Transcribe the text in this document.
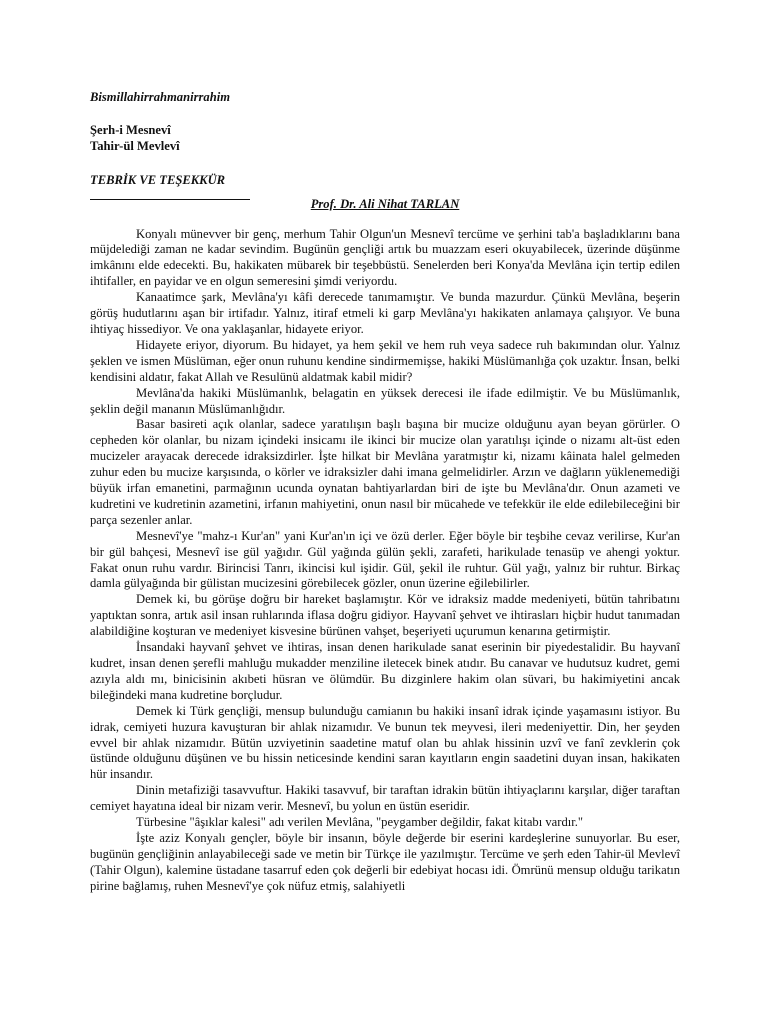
Bismillahirrahmanirrahim
Şerh-i Mesnevî
Tahir-ül Mevlevî
TEBRİK VE TEŞEKKÜR
Prof. Dr. Ali Nihat TARLAN

Konyalı münevver bir genç, merhum Tahir Olgun'un Mesnevî tercüme ve şerhini tab'a başladıklarını bana müjdelediği zaman ne kadar sevindim. Bugünün gençliği artık bu muazzam eseri okuyabilecek, üzerinde düşünme imkânını elde edecekti. Bu, hakikaten mübarek bir teşebbüstü. Senelerden beri Konya'da Mevlâna için tertip edilen ihtifaller, en payidar ve en olgun semeresini şimdi veriyordu.

Kanaatimce şark, Mevlâna'yı kâfi derecede tanımamıştır. Ve bunda mazurdur. Çünkü Mevlâna, beşerin görüş hudutlarını aşan bir irtifadır. Yalnız, itiraf etmeli ki garp Mevlâna'yı hakikaten anlamaya çalışıyor. Ve buna ihtiyaç hissediyor. Ve ona yaklaşanlar, hidayete eriyor.

Hidayete eriyor, diyorum. Bu hidayet, ya hem şekil ve hem ruh veya sadece ruh bakımından olur. Yalnız şeklen ve ismen Müslüman, eğer onun ruhunu kendine sindirmemişse, hakiki Müslümanlığa çok uzaktır. İnsan, belki kendisini aldatır, fakat Allah ve Resulünü aldatmak kabil midir?

Mevlâna'da hakiki Müslümanlık, belagatin en yüksek derecesi ile ifade edilmiştir. Ve bu Müslümanlık, şeklin değil mananın Müslümanlığıdır.

Basar basireti açık olanlar, sadece yaratılışın başlı başına bir mucize olduğunu ayan beyan görürler. O cepheden kör olanlar, bu nizam içindeki insicamı ile ikinci bir mucize olan yaratılışı içinde o nizamı alt-üst eden mucizeler arayacak derecede idraksizdirler. İşte hilkat bir Mevlâna yaratmıştır ki, nizamı kâinata halel gelmeden zuhur eden bu mucize karşısında, o körler ve idraksizler dahi imana gelmelidirler. Arzın ve dağların yüklenemediği büyük irfan emanetini, parmağının ucunda oynatan bahtiyarlardan biri de işte bu Mevlâna'dır. Onun azameti ve kudretini ve kudretinin azametini, irfanın mahiyetini, onun nasıl bir mücahede ve tefekkür ile elde edilebileceğini bir parça sezenler anlar.

Mesnevî'ye "mahz-ı Kur'an" yani Kur'an'ın içi ve özü derler. Eğer böyle bir teşbihe cevaz verilirse, Kur'an bir gül bahçesi, Mesnevî ise gül yağıdır. Gül yağında gülün şekli, zarafeti, harikulade tenasüp ve ahengi yoktur. Fakat onun ruhu vardır. Birincisi Tanrı, ikincisi kul işidir. Gül, şekil ile ruhtur. Gül yağı, yalnız bir ruhtur. Birkaç damla gülyağında bir gülistan mucizesini görebilecek gözler, onun üzerine eğilebilirler.

Demek ki, bu görüşe doğru bir hareket başlamıştır. Kör ve idraksiz madde medeniyeti, bütün tahribatını yaptıktan sonra, artık asil insan ruhlarında iflasa doğru gidiyor. Hayvanî şehvet ve ihtirasları hiçbir hudut tanımadan alabildiğine koşturan ve medeniyet kisvesine bürünen vahşet, beşeriyeti uçurumun kenarına getirmiştir.

İnsandaki hayvanî şehvet ve ihtiras, insan denen harikulade sanat eserinin bir piyedestalidir. Bu hayvanî kudret, insan denen şerefli mahluğu mukadder menziline iletecek binek atıdır. Bu canavar ve hudutsuz kudret, gemi azıyla aldı mı, binicisinin akıbeti hüsran ve ölümdür. Bu dizginlere hakim olan süvari, bu hakimiyetini ancak bileğindeki mana kudretine borçludur.

Demek ki Türk gençliği, mensup bulunduğu camianın bu hakiki insanî idrak içinde yaşamasını istiyor. Bu idrak, cemiyeti huzura kavuşturan bir ahlak nizamıdır. Ve bunun tek meyvesi, ileri medeniyettir. Din, her şeyden evvel bir ahlak nizamıdır. Bütün uzviyetinin saadetine matuf olan bu ahlak hissinin uzvî ve fanî zevklerin çok üstünde olduğunu düşünen ve bu hissin neticesinde kendini saran kayıtların engin saadetini duyan insan, hakikaten hür insandır.

Dinin metafiziği tasavvuftur. Hakiki tasavvuf, bir taraftan idrakin bütün ihtiyaçlarını karşılar, diğer taraftan cemiyet hayatına ideal bir nizam verir. Mesnevî, bu yolun en üstün eseridir.

Türbesine "âşıklar kalesi" adı verilen Mevlâna, "peygamber değildir, fakat kitabı vardır."

İşte aziz Konyalı gençler, böyle bir insanın, böyle değerde bir eserini kardeşlerine sunuyorlar. Bu eser, bugünün gençliğinin anlayabileceği sade ve metin bir Türkçe ile yazılmıştır. Tercüme ve şerh eden Tahir-ül Mevlevî (Tahir Olgun), kalemine üstadane tasarruf eden çok değerli bir edebiyat hocası idi. Ömrünü mensup olduğu tarikatın pirine bağlamış, ruhen Mesnevî'ye çok nüfuz etmiş, salahiyetli
